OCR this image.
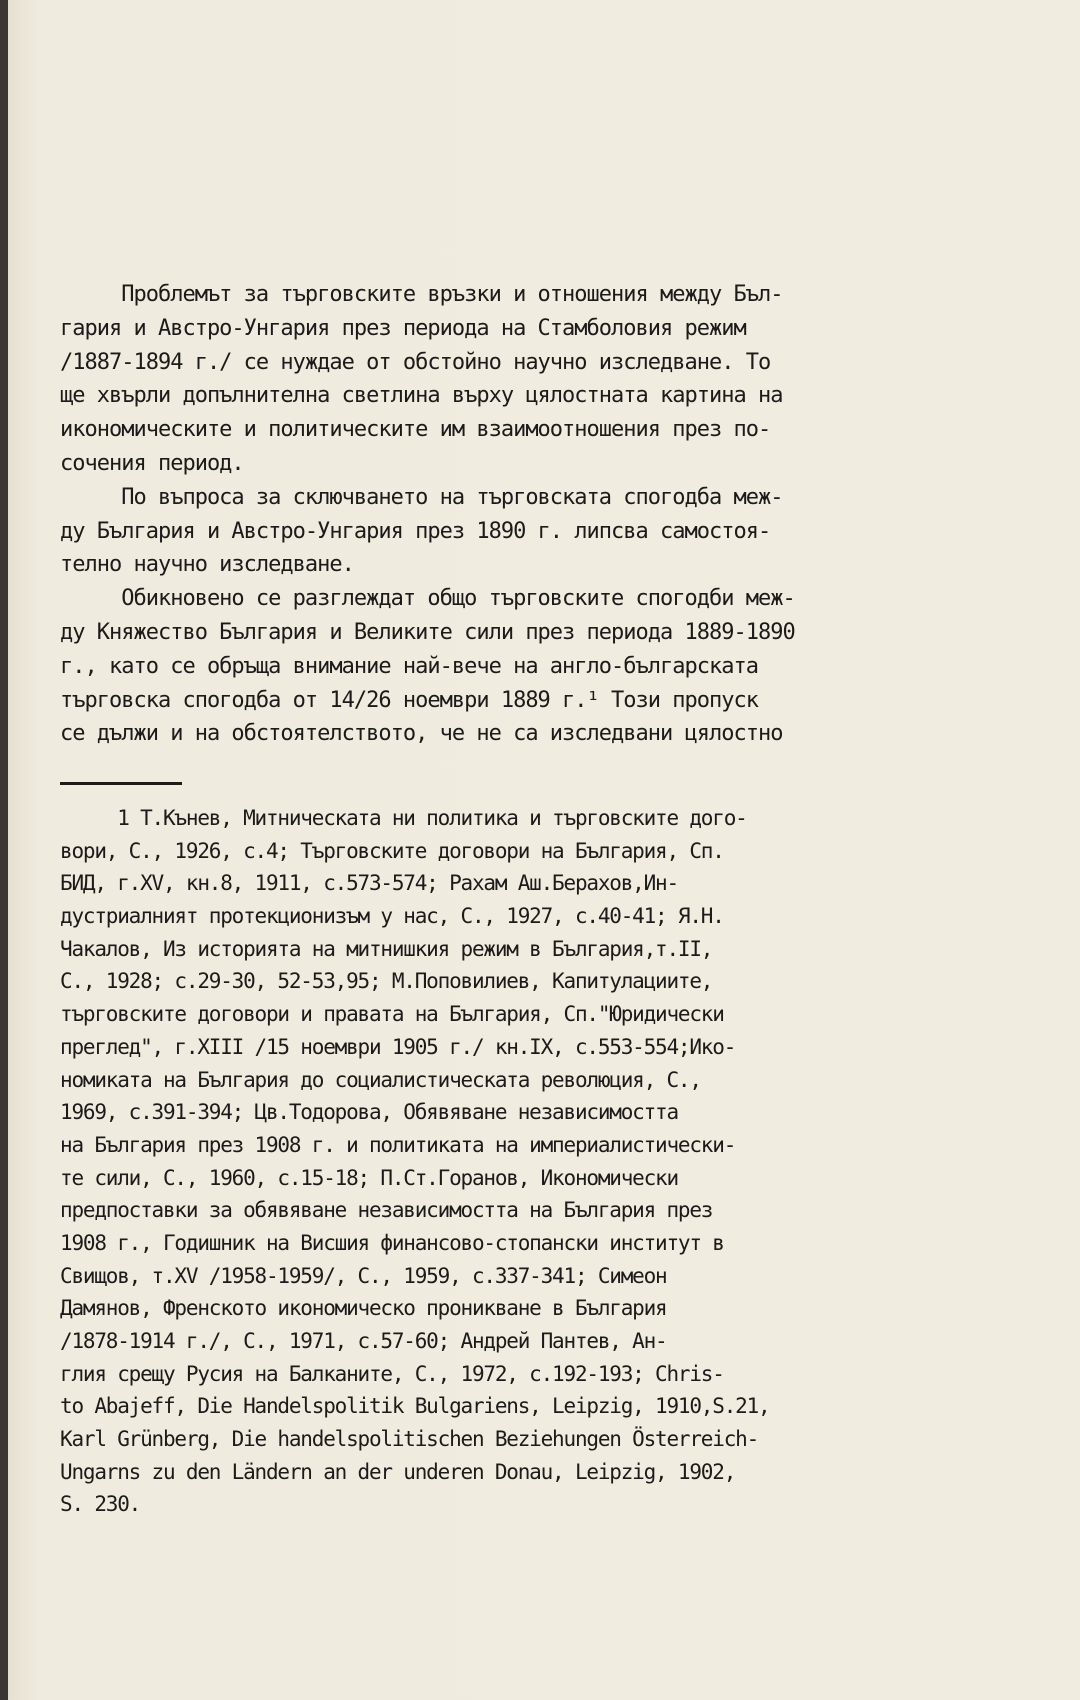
Проблемът за търговските връзки и отношения между Бъл-
гария и Австро-Унгария през периода на Стамболовия режим
/1887-1894 г./ се нуждае от обстойно научно изследване. То
ще хвърли допълнителна светлина върху цялостната картина на
икономическите и политическите им взаимоотношения през по-
сочения период.
По въпроса за сключването на търговската спогодба меж-
ду България и Австро-Унгария през 1890 г. липсва самостоя-
телно научно изследване.
Обикновено се разглеждат общо търговските спогодби меж-
ду Княжество България и Великите сили през периода 1889-1890
г., като се обръща внимание най-вече на англо-българската
търговска спогодба от 14/26 ноември 1889 г.¹ Този пропуск
се дължи и на обстоятелството, че не са изследвани цялостно
1 Т.Кънев, Митническата ни политика и търговските дого-
вори, С., 1926, с.4; Търговските договори на България, Сп.
БИД, г.XV, кн.8, 1911, с.573-574; Рахам Аш.Берахов,Ин-
дустриалният протекционизъм у нас, С., 1927, с.40-41; Я.Н.
Чакалов, Из историята на митнишкия режим в България,т.II,
С., 1928; с.29-30, 52-53,95; М.Поповилиев, Капитулациите,
търговските договори и правата на България, Сп."Юридически
преглед", г.XIII /15 ноември 1905 г./ кн.IX, с.553-554;Ико-
номиката на България до социалистическата революция, С.,
1969, с.391-394; Цв.Тодорова, Обявяване независимостта
на България през 1908 г. и политиката на империалистически-
те сили, С., 1960, с.15-18; П.Ст.Горанов, Икономически
предпоставки за обявяване независимостта на България през
1908 г., Годишник на Висшия финансово-стопански институт в
Свищов, т.XV /1958-1959/, С., 1959, с.337-341; Симеон
Дамянов, Френското икономическо проникване в България
/1878-1914 г./, С., 1971, с.57-60; Андрей Пантев, Ан-
глия срещу Русия на Балканите, С., 1972, с.192-193; Chris-
to Abajeff, Die Handelspolitik Bulgariens, Leipzig, 1910,S.21,
Karl Grünberg, Die handelspolitischen Beziehungen Österreich-
Ungarns zu den Ländern an der underen Donau, Leipzig, 1902,
S. 230.
